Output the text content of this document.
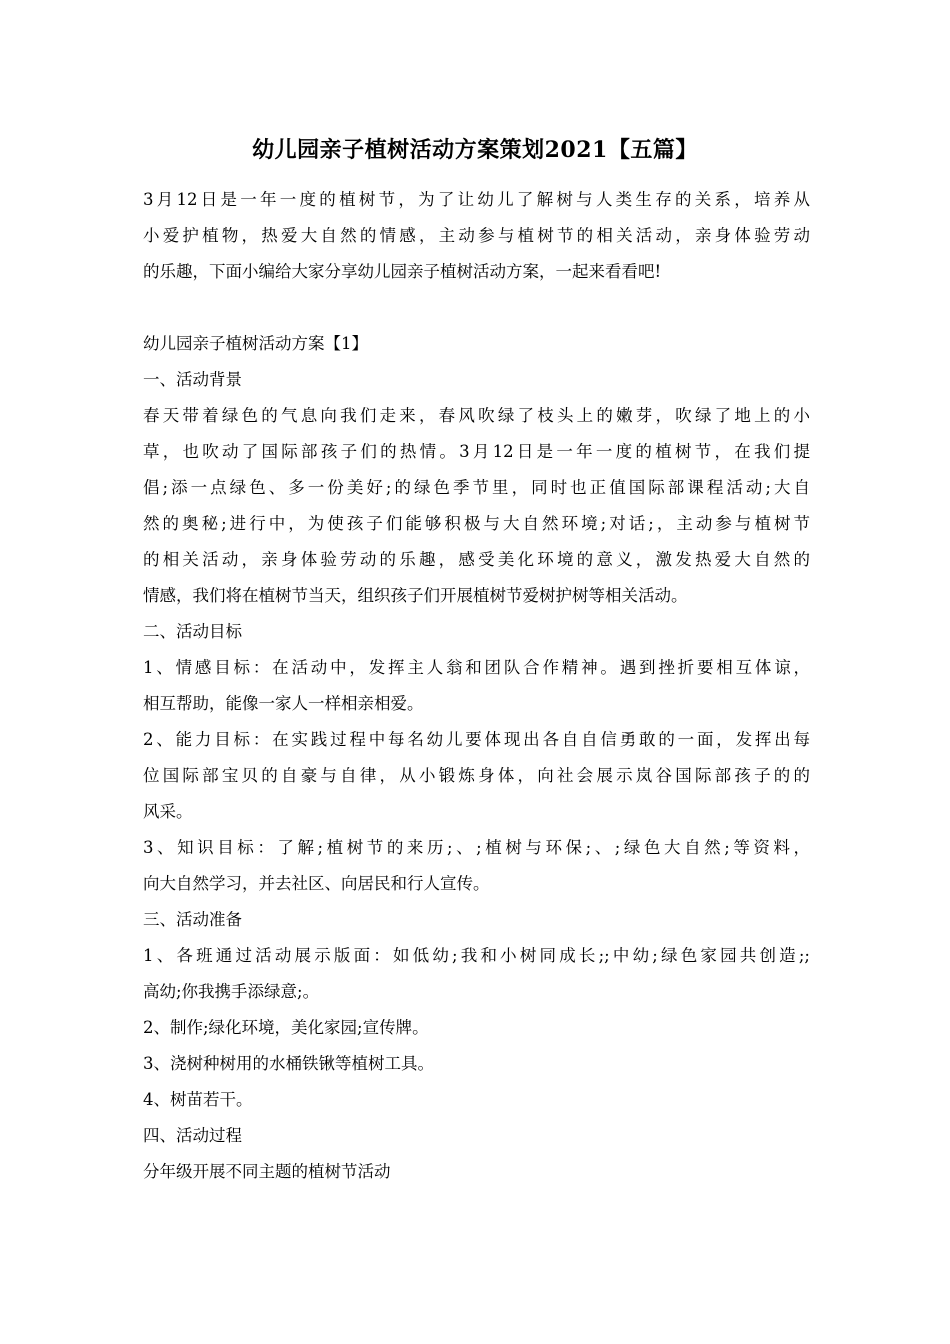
幼儿园亲子植树活动方案策划2021【五篇】

3月12日是一年一度的植树节，为了让幼儿了解树与人类生存的关系，培养从

小爱护植物，热爱大自然的情感，主动参与植树节的相关活动，亲身体验劳动

的乐趣，下面小编给大家分享幼儿园亲子植树活动方案，一起来看看吧!

幼儿园亲子植树活动方案【1】

一、活动背景

春天带着绿色的气息向我们走来，春风吹绿了枝头上的嫩芽，吹绿了地上的小

草，也吹动了国际部孩子们的热情。3月12日是一年一度的植树节，在我们提

倡;添一点绿色、多一份美好;的绿色季节里，同时也正值国际部课程活动;大自

然的奥秘;进行中，为使孩子们能够积极与大自然环境;对话;，主动参与植树节

的相关活动，亲身体验劳动的乐趣，感受美化环境的意义，激发热爱大自然的

情感，我们将在植树节当天，组织孩子们开展植树节爱树护树等相关活动。

二、活动目标

1、情感目标：在活动中，发挥主人翁和团队合作精神。遇到挫折要相互体谅，

相互帮助，能像一家人一样相亲相爱。

2、能力目标：在实践过程中每名幼儿要体现出各自自信勇敢的一面，发挥出每

位国际部宝贝的自豪与自律，从小锻炼身体，向社会展示岚谷国际部孩子的的

风采。

3、知识目标：了解;植树节的来历;、;植树与环保;、;绿色大自然;等资料，

向大自然学习，并去社区、向居民和行人宣传。

三、活动准备

1、各班通过活动展示版面：如低幼;我和小树同成长;;中幼;绿色家园共创造;;

高幼;你我携手添绿意;。

2、制作;绿化环境，美化家园;宣传牌。

3、浇树种树用的水桶铁锹等植树工具。

4、树苗若干。

四、活动过程

分年级开展不同主题的植树节活动
